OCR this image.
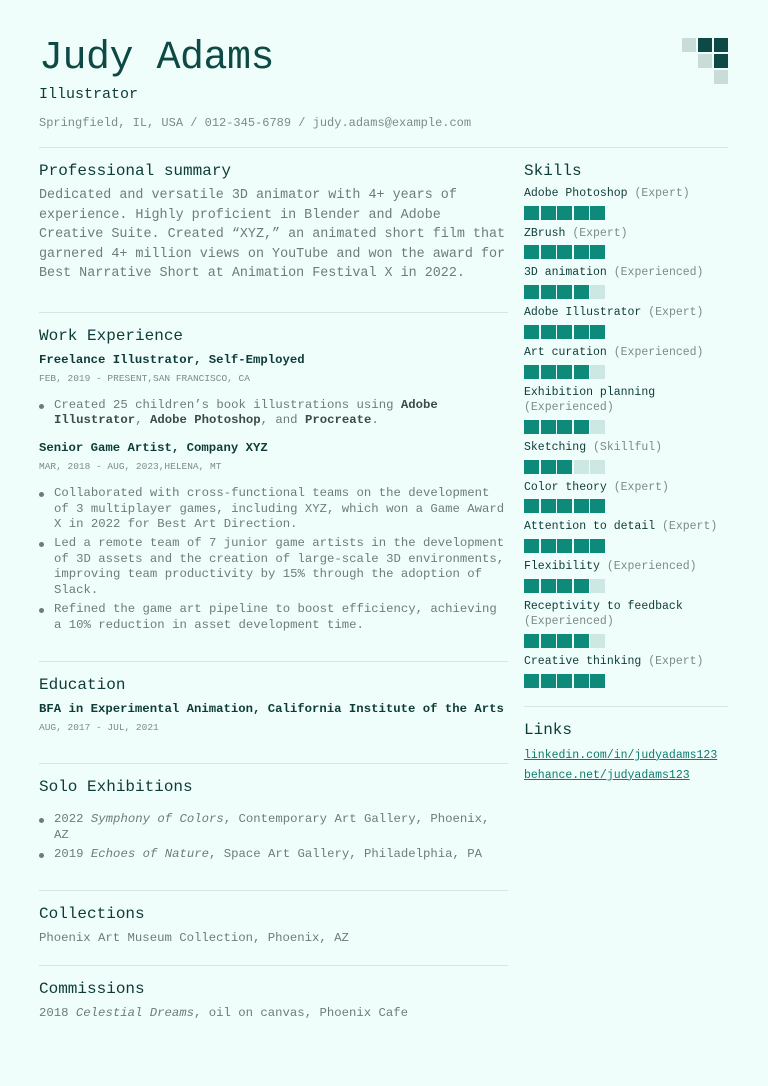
Judy Adams
Illustrator
Springfield, IL, USA / 012-345-6789 / judy.adams@example.com
Professional summary
Dedicated and versatile 3D animator with 4+ years of experience. Highly proficient in Blender and Adobe Creative Suite. Created “XYZ,” an animated short film that garnered 4+ million views on YouTube and won the award for Best Narrative Short at Animation Festival X in 2022.
Work Experience
Freelance Illustrator, Self-Employed
FEB, 2019 - PRESENT,SAN FRANCISCO, CA
Created 25 children’s book illustrations using Adobe Illustrator, Adobe Photoshop, and Procreate.
Senior Game Artist, Company XYZ
MAR, 2018 - AUG, 2023,HELENA, MT
Collaborated with cross-functional teams on the development of 3 multiplayer games, including XYZ, which won a Game Award X in 2022 for Best Art Direction.
Led a remote team of 7 junior game artists in the development of 3D assets and the creation of large-scale 3D environments, improving team productivity by 15% through the adoption of Slack.
Refined the game art pipeline to boost efficiency, achieving a 10% reduction in asset development time.
Education
BFA in Experimental Animation, California Institute of the Arts
AUG, 2017 - JUL, 2021
Solo Exhibitions
2022 Symphony of Colors, Contemporary Art Gallery, Phoenix, AZ
2019 Echoes of Nature, Space Art Gallery, Philadelphia, PA
Collections
Phoenix Art Museum Collection, Phoenix, AZ
Commissions
2018 Celestial Dreams, oil on canvas, Phoenix Cafe
Skills
Adobe Photoshop (Expert)
ZBrush (Expert)
3D animation (Experienced)
Adobe Illustrator (Expert)
Art curation (Experienced)
Exhibition planning (Experienced)
Sketching (Skillful)
Color theory (Expert)
Attention to detail (Expert)
Flexibility (Experienced)
Receptivity to feedback (Experienced)
Creative thinking (Expert)
Links
linkedin.com/in/judyadams123
behance.net/judyadams123
